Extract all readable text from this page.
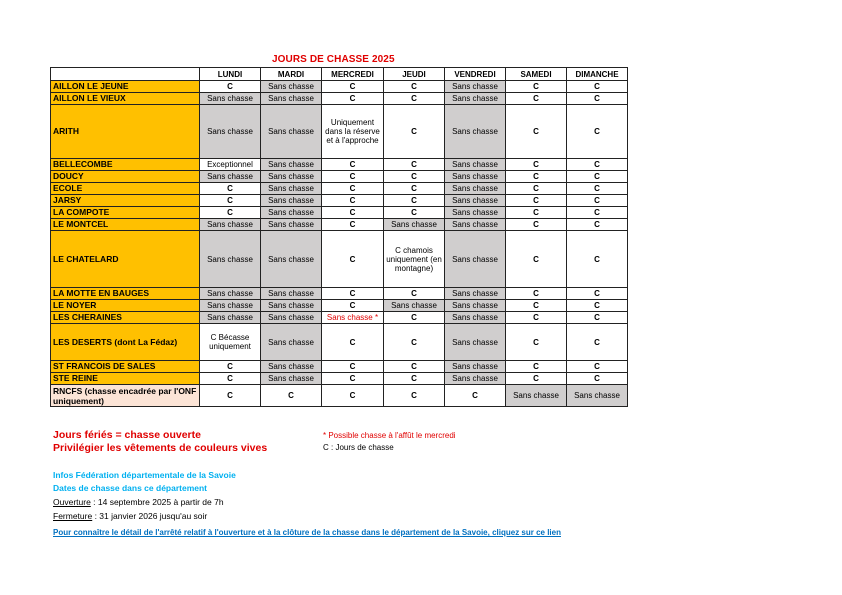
JOURS DE CHASSE 2025
	LUNDI	MARDI	MERCREDI	JEUDI	VENDREDI	SAMEDI	DIMANCHE
AILLON LE JEUNE	C	Sans chasse	C	C	Sans chasse	C	C
AILLON LE VIEUX	Sans chasse	Sans chasse	C	C	Sans chasse	C	C
ARITH	Sans chasse	Sans chasse	Uniquement dans la réserve et à l'approche	C	Sans chasse	C	C
BELLECOMBE	Exceptionnel	Sans chasse	C	C	Sans chasse	C	C
DOUCY	Sans chasse	Sans chasse	C	C	Sans chasse	C	C
ECOLE	C	Sans chasse	C	C	Sans chasse	C	C
JARSY	C	Sans chasse	C	C	Sans chasse	C	C
LA COMPOTE	C	Sans chasse	C	C	Sans chasse	C	C
LE MONTCEL	Sans chasse	Sans chasse	C	Sans chasse	Sans chasse	C	C
LE CHATELARD	Sans chasse	Sans chasse	C	C chamois uniquement (en montagne)	Sans chasse	C	C
LA MOTTE EN BAUGES	Sans chasse	Sans chasse	C	C	Sans chasse	C	C
LE NOYER	Sans chasse	Sans chasse	C	Sans chasse	Sans chasse	C	C
LES CHERAINES	Sans chasse	Sans chasse	Sans chasse *	C	Sans chasse	C	C
LES DESERTS (dont La Fédaz)	C Bécasse uniquement	Sans chasse	C	C	Sans chasse	C	C
ST FRANCOIS DE SALES	C	Sans chasse	C	C	Sans chasse	C	C
STE REINE	C	Sans chasse	C	C	Sans chasse	C	C
RNCFS (chasse encadrée par l'ONF uniquement)	C	C	C	C	C	Sans chasse	Sans chasse
Jours fériés = chasse ouverte
Privilégier les vêtements de couleurs vives
* Possible chasse à l'affût le mercredi
C : Jours de chasse
Infos Fédération départementale de la Savoie
Dates de chasse dans ce département
Ouverture : 14 septembre 2025 à partir de 7h
Fermeture : 31 janvier 2026 jusqu'au soir
Pour connaître le détail de l'arrêté relatif à l'ouverture et à la clôture de la chasse dans le département de la Savoie, cliquez sur ce lien
